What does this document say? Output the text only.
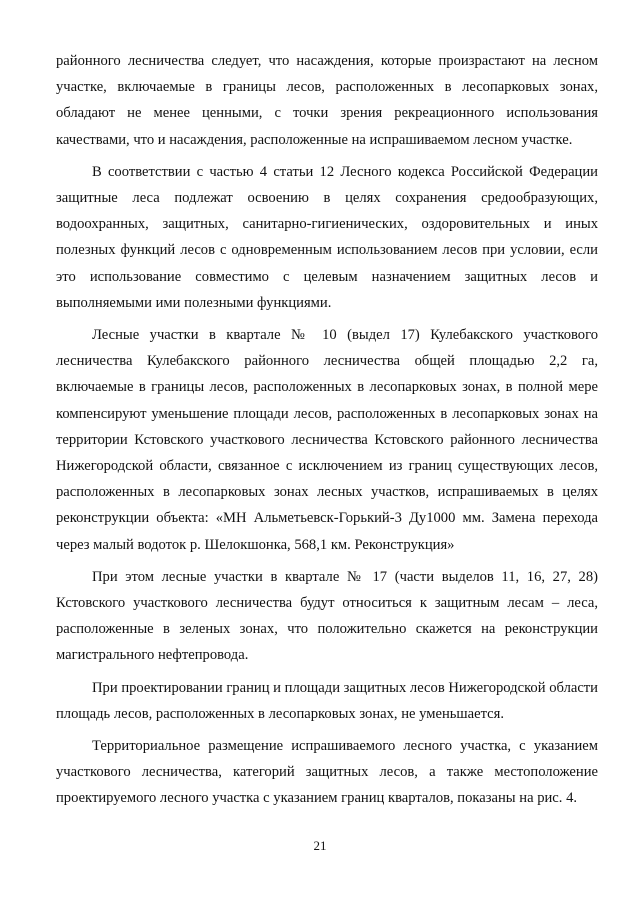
районного лесничества следует, что насаждения, которые произрастают на лесном участке, включаемые в границы лесов, расположенных в лесопарковых зонах, обладают не менее ценными, с точки зрения рекреационного использования качествами, что и насаждения, расположенные на испрашиваемом лесном участке.

В соответствии с частью 4 статьи 12 Лесного кодекса Российской Федерации защитные леса подлежат освоению в целях сохранения средообразующих, водоохранных, защитных, санитарно-гигиенических, оздоровительных и иных полезных функций лесов с одновременным использованием лесов при условии, если это использование совместимо с целевым назначением защитных лесов и выполняемыми ими полезными функциями.

Лесные участки в квартале № 10 (выдел 17) Кулебакского участкового лесничества Кулебакского районного лесничества общей площадью 2,2 га, включаемые в границы лесов, расположенных в лесопарковых зонах, в полной мере компенсируют уменьшение площади лесов, расположенных в лесопарковых зонах на территории Кстовского участкового лесничества Кстовского районного лесничества Нижегородской области, связанное с исключением из границ существующих лесов, расположенных в лесопарковых зонах лесных участков, испрашиваемых в целях реконструкции объекта: «МН Альметьевск-Горький-3 Ду1000 мм. Замена перехода через малый водоток р. Шелокшонка, 568,1 км. Реконструкция»

При этом лесные участки в квартале № 17 (части выделов 11, 16, 27, 28) Кстовского участкового лесничества будут относиться к защитным лесам – леса, расположенные в зеленых зонах, что положительно скажется на реконструкции магистрального нефтепровода.

При проектировании границ и площади защитных лесов Нижегородской области площадь лесов, расположенных в лесопарковых зонах, не уменьшается.

Территориальное размещение испрашиваемого лесного участка, с указанием участкового лесничества, категорий защитных лесов, а также местоположение проектируемого лесного участка с указанием границ кварталов, показаны на рис. 4.

21
